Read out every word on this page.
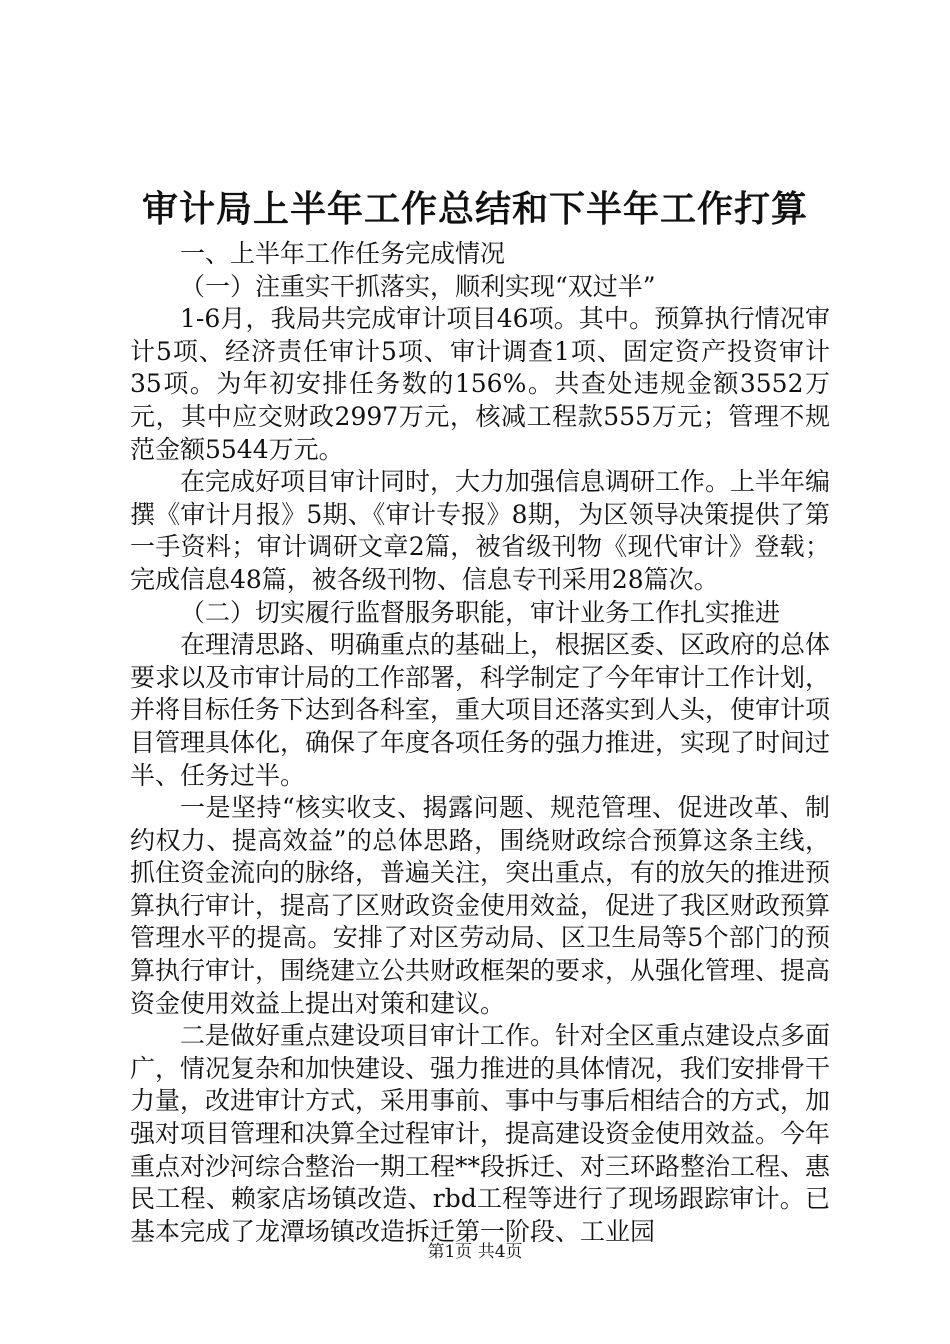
审计局上半年工作总结和下半年工作打算

一、上半年工作任务完成情况

（一）注重实干抓落实，顺利实现“双过半”

1-6月，我局共完成审计项目46项。其中。预算执行情况审计5项、经济责任审计5项、审计调查1项、固定资产投资审计35项。为年初安排任务数的156%。共查处违规金额3552万元，其中应交财政2997万元，核减工程款555万元；管理不规范金额5544万元。

在完成好项目审计同时，大力加强信息调研工作。上半年编撰《审计月报》5期、《审计专报》8期，为区领导决策提供了第一手资料；审计调研文章2篇，被省级刊物《现代审计》登载；完成信息48篇，被各级刊物、信息专刊采用28篇次。

（二）切实履行监督服务职能，审计业务工作扎实推进

在理清思路、明确重点的基础上，根据区委、区政府的总体要求以及市审计局的工作部署，科学制定了今年审计工作计划，并将目标任务下达到各科室，重大项目还落实到人头，使审计项目管理具体化，确保了年度各项任务的强力推进，实现了时间过半、任务过半。

一是坚持“核实收支、揭露问题、规范管理、促进改革、制约权力、提高效益”的总体思路，围绕财政综合预算这条主线，抓住资金流向的脉络，普遍关注，突出重点，有的放矢的推进预算执行审计，提高了区财政资金使用效益，促进了我区财政预算管理水平的提高。安排了对区劳动局、区卫生局等5个部门的预算执行审计，围绕建立公共财政框架的要求，从强化管理、提高资金使用效益上提出对策和建议。

二是做好重点建设项目审计工作。针对全区重点建设点多面广，情况复杂和加快建设、强力推进的具体情况，我们安排骨干力量，改进审计方式，采用事前、事中与事后相结合的方式，加强对项目管理和决算全过程审计，提高建设资金使用效益。今年重点对沙河综合整治一期工程**段拆迁、对三环路整治工程、惠民工程、赖家店场镇改造、rbd工程等进行了现场跟踪审计。已基本完成了龙潭场镇改造拆迁第一阶段、工业园

第1页 共4页
